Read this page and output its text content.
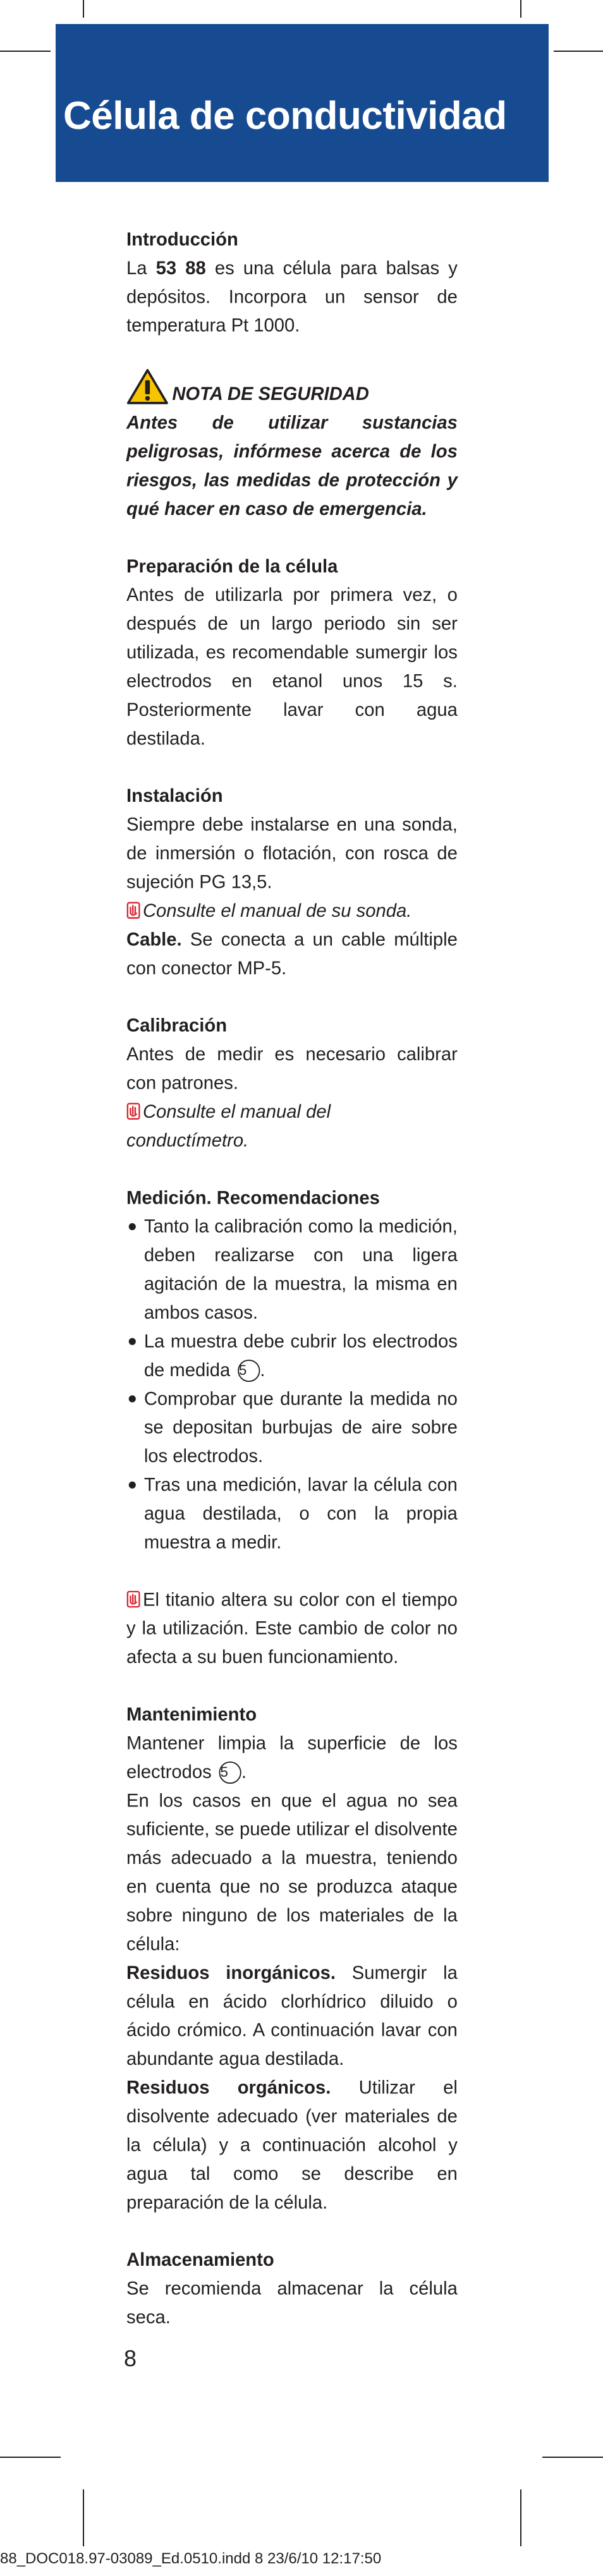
Célula de conductividad

Introducción

La 53 88 es una célula para balsas y depósitos. Incorpora un sensor de temperatura Pt 1000.

NOTA DE SEGURIDAD

Antes de utilizar sustancias peligrosas, infórmese acerca de los riesgos, las medidas de protección y qué hacer en caso de emergencia.

Preparación de la célula

Antes de utilizarla por primera vez, o después de un largo periodo sin ser utilizada, es recomendable sumergir los electrodos en etanol unos 15 s. Posteriormente lavar con agua destilada.

Instalación

Siempre debe instalarse en una sonda, de inmersión o flotación, con rosca de sujeción PG 13,5.

Consulte el manual de su sonda.

Cable. Se conecta a un cable múltiple con conector MP-5.

Calibración

Antes de medir es necesario calibrar con patrones.

Consulte el manual del conductímetro.

Medición. Recomendaciones

Tanto la calibración como la medición, deben realizarse con una ligera agitación de la muestra, la misma en ambos casos.
La muestra debe cubrir los electrodos de medida 5 .
Comprobar que durante la medida no se depositan burbujas de aire sobre los electrodos.
Tras una medición, lavar la célula con agua destilada, o con la propia muestra a medir.

El titanio altera su color con el tiempo y la utilización. Este cambio de color no afecta a su buen funcionamiento.

Mantenimiento

Mantener limpia la superficie de los electrodos 5 .

En los casos en que el agua no sea suficiente, se puede utilizar el disolvente más adecuado a la muestra, teniendo en cuenta que no se produzca ataque sobre ninguno de los materiales de la célula:

Residuos inorgánicos. Sumergir la célula en ácido clorhídrico diluido o ácido crómico. A continuación lavar con abundante agua destilada.

Residuos orgánicos. Utilizar el disolvente adecuado (ver materiales de la célula) y a continuación alcohol y agua tal como se describe en preparación de la célula.

Almacenamiento

Se recomienda almacenar la célula seca.

8
88_DOC018.97-03089_Ed.0510.indd 8 23/6/10 12:17:50
